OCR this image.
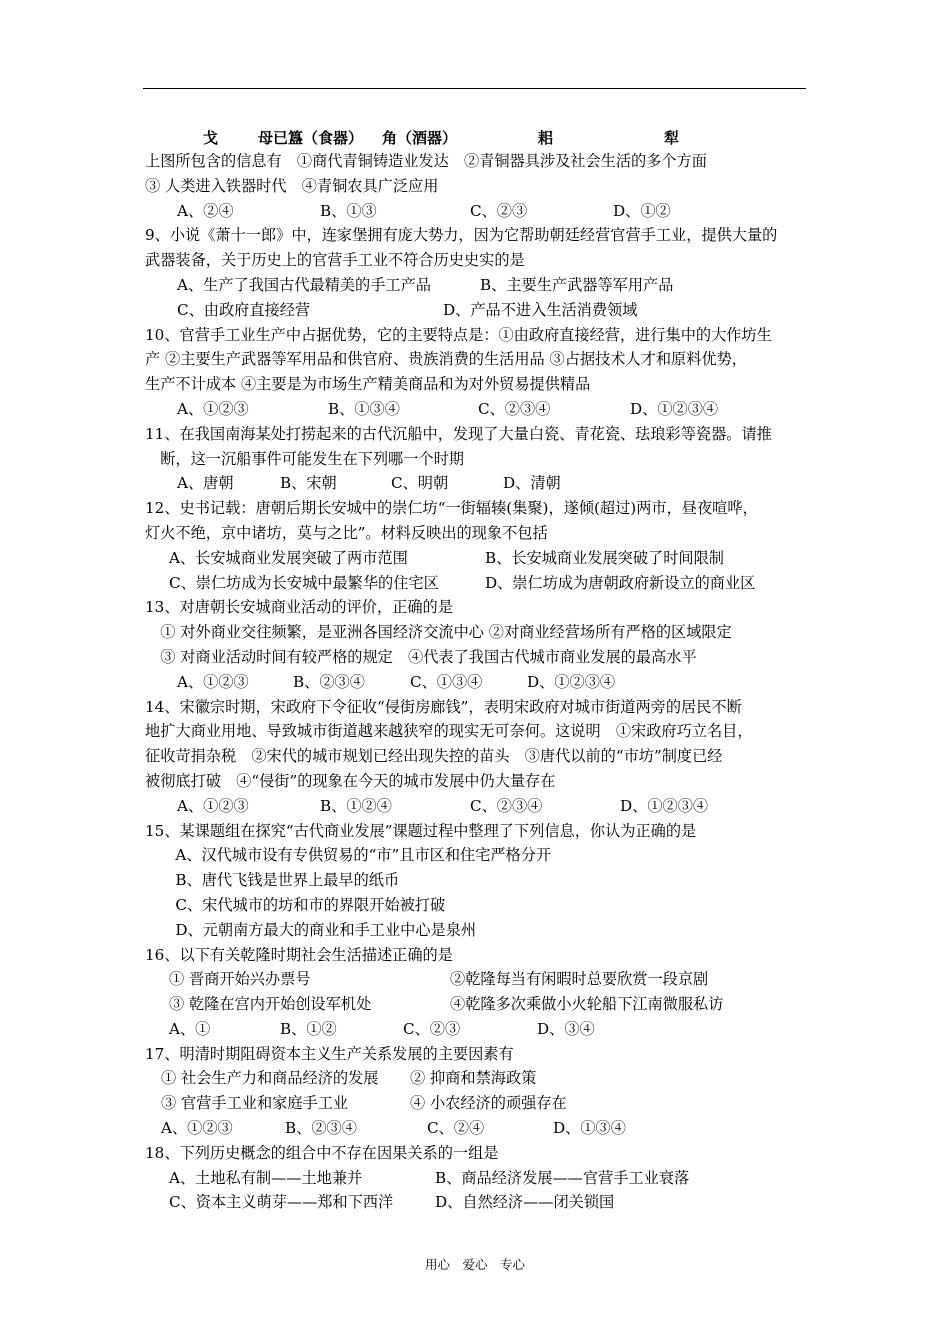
戈	母已簋（食器） 角（酒器）	耜	犁
上图所包含的信息有　①商代青铜铸造业发达　②青铜器具涉及社会生活的多个方面
③ 人类进入铁器时代　④青铜农具广泛应用
A、②④	B、①③	C、②③	D、①②
9、小说《萧十一郎》中，连家堡拥有庞大势力，因为它帮助朝廷经营官营手工业，提供大量的
武器装备，关于历史上的官营手工业不符合历史史实的是
A、生产了我国古代最精美的手工产品	B、主要生产武器等军用产品
C、由政府直接经营	D、产品不进入生活消费领域
10、官营手工业生产中占据优势，它的主要特点是：①由政府直接经营，进行集中的大作坊生
产 ②主要生产武器等军用品和供官府、贵族消费的生活用品 ③占据技术人才和原料优势，
生产不计成本 ④主要是为市场生产精美商品和为对外贸易提供精品
A、①②③	B、①③④	C、②③④	D、①②③④
11、在我国南海某处打捞起来的古代沉船中，发现了大量白瓷、青花瓷、珐琅彩等瓷器。请推
　断，这一沉船事件可能发生在下列哪一个时期
A、唐朝	B、宋朝	C、明朝	D、清朝
12、史书记载：唐朝后期长安城中的崇仁坊“一街辐辏(集聚)，遂倾(超过)两市，昼夜喧哗，
灯火不绝，京中诸坊，莫与之比”。材料反映出的现象不包括
A、长安城商业发展突破了两市范围	B、长安城商业发展突破了时间限制
C、崇仁坊成为长安城中最繁华的住宅区	D、崇仁坊成为唐朝政府新设立的商业区
13、对唐朝长安城商业活动的评价，正确的是
　① 对外商业交往频繁，是亚洲各国经济交流中心 ②对商业经营场所有严格的区域限定
　③ 对商业活动时间有较严格的规定　④代表了我国古代城市商业发展的最高水平
A、①②③	B、②③④	C、①③④	D、①②③④
14、宋徽宗时期，宋政府下令征收“侵街房廊钱”，表明宋政府对城市街道两旁的居民不断
地扩大商业用地、导致城市街道越来越狭窄的现实无可奈何。这说明　①宋政府巧立名目，
征收苛捐杂税　②宋代的城市规划已经出现失控的苗头　③唐代以前的“市坊”制度已经
被彻底打破　④“侵街”的现象在今天的城市发展中仍大量存在
A、①②③	B、①②④	C、②③④	D、①②③④
15、某课题组在探究“古代商业发展”课题过程中整理了下列信息，你认为正确的是
　　A、汉代城市设有专供贸易的“市”且市区和住宅严格分开
　　B、唐代飞钱是世界上最早的纸币
　　C、宋代城市的坊和市的界限开始被打破
　　D、元朝南方最大的商业和手工业中心是泉州
16、以下有关乾隆时期社会生活描述正确的是
① 晋商开始兴办票号	②乾隆每当有闲暇时总要欣赏一段京剧
③ 乾隆在宫内开始创设军机处	④乾隆多次乘做小火轮船下江南微服私访
A、①	B、①②	C、②③	D、③④
17、明清时期阻碍资本主义生产关系发展的主要因素有
① 社会生产力和商品经济的发展 ② 抑商和禁海政策
③ 官营手工业和家庭手工业	④ 小农经济的顽强存在
A、①②③	B、②③④	C、②④	D、①③④
18、下列历史概念的组合中不存在因果关系的一组是
A、土地私有制——土地兼并	B、商品经济发展——官营手工业衰落
C、资本主义萌芽——郑和下西洋	D、自然经济——闭关锁国
用心　爱心　专心
